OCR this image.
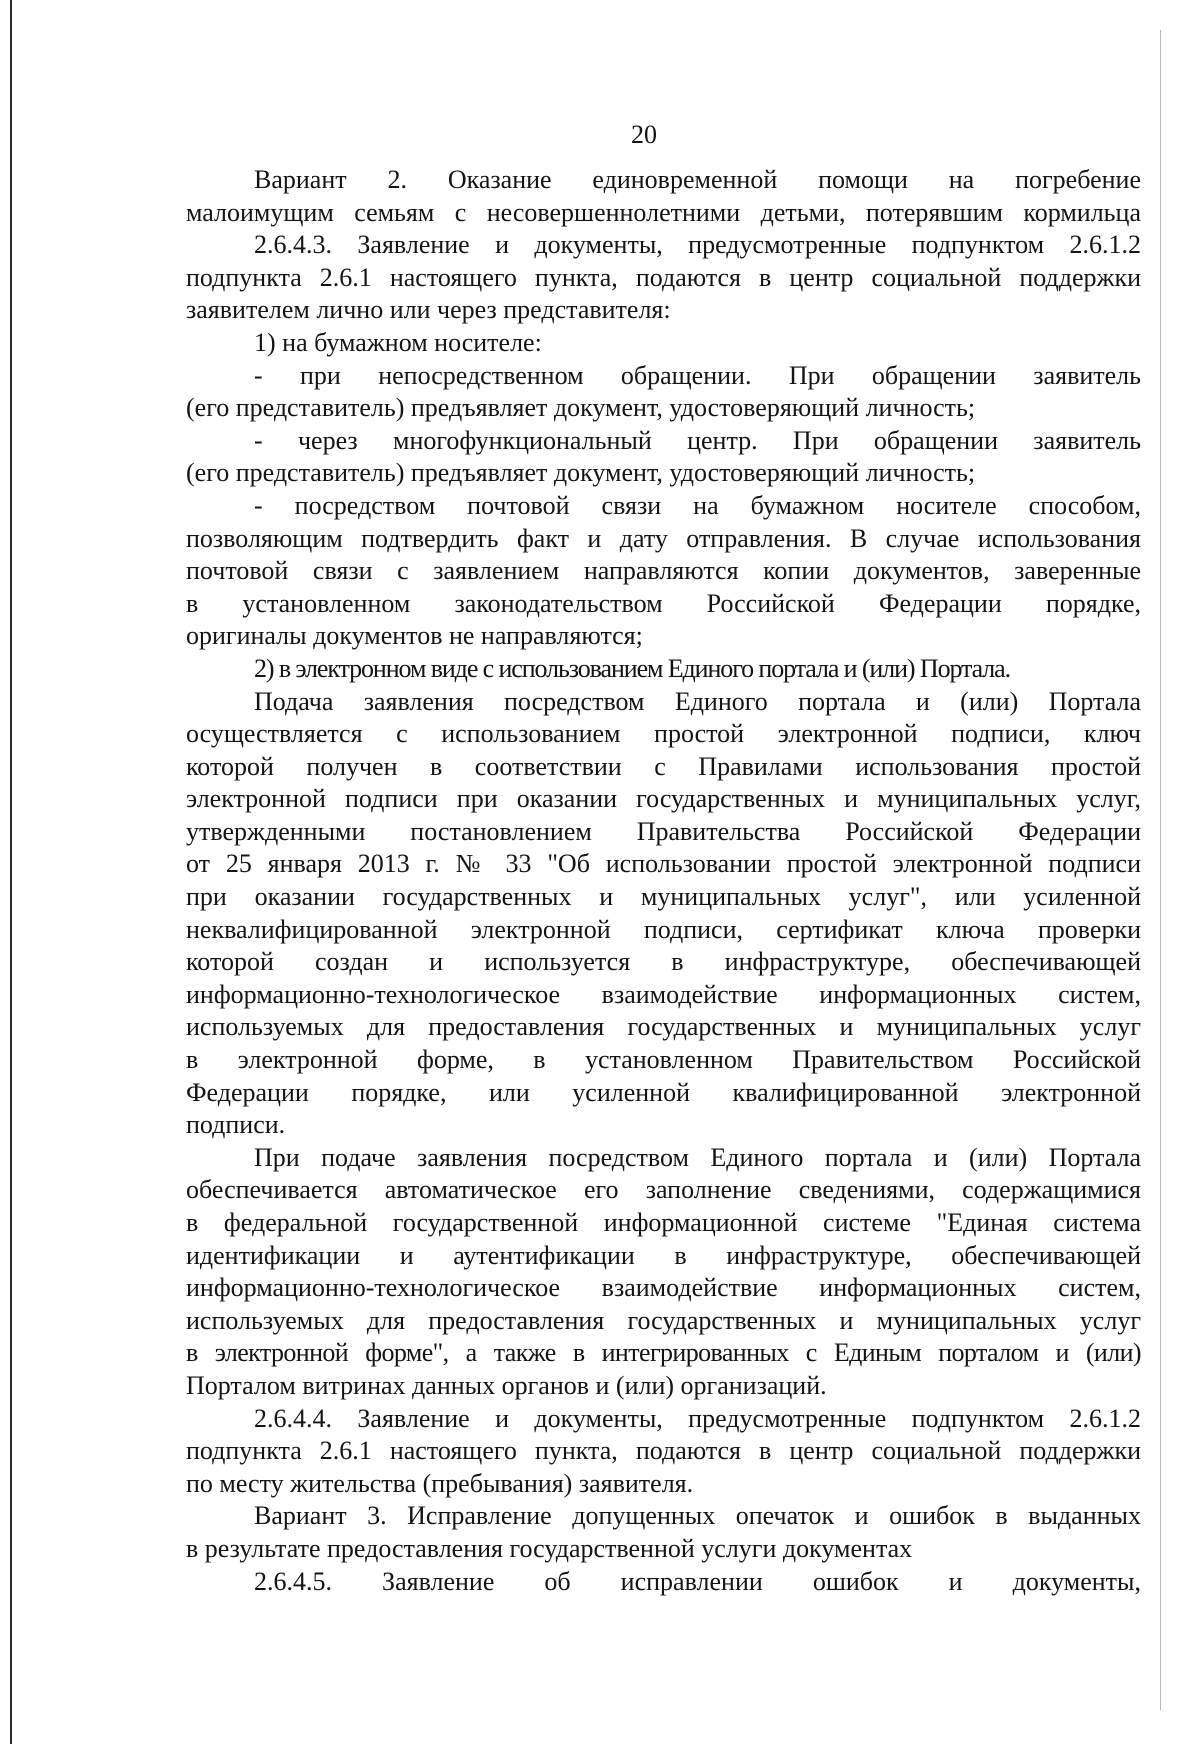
20
Вариант 2. Оказание единовременной помощи на погребение
малоимущим семьям с несовершеннолетними детьми, потерявшим кормильца
2.6.4.3. Заявление и документы, предусмотренные подпунктом 2.6.1.2
подпункта 2.6.1 настоящего пункта, подаются в центр социальной поддержки
заявителем лично или через представителя:
1) на бумажном носителе:
- при непосредственном обращении. При обращении заявитель
(его представитель) предъявляет документ, удостоверяющий личность;
- через многофункциональный центр. При обращении заявитель
(его представитель) предъявляет документ, удостоверяющий личность;
- посредством почтовой связи на бумажном носителе способом,
позволяющим подтвердить факт и дату отправления. В случае использования
почтовой связи с заявлением направляются копии документов, заверенные
в установленном законодательством Российской Федерации порядке,
оригиналы документов не направляются;
2) в электронном виде с использованием Единого портала и (или) Портала.
Подача заявления посредством Единого портала и (или) Портала
осуществляется с использованием простой электронной подписи, ключ
которой получен в соответствии с Правилами использования простой
электронной подписи при оказании государственных и муниципальных услуг,
утвержденными постановлением Правительства Российской Федерации
от 25 января 2013 г. № 33 "Об использовании простой электронной подписи
при оказании государственных и муниципальных услуг", или усиленной
неквалифицированной электронной подписи, сертификат ключа проверки
которой создан и используется в инфраструктуре, обеспечивающей
информационно-технологическое взаимодействие информационных систем,
используемых для предоставления государственных и муниципальных услуг
в электронной форме, в установленном Правительством Российской
Федерации порядке, или усиленной квалифицированной электронной
подписи.
При подаче заявления посредством Единого портала и (или) Портала
обеспечивается автоматическое его заполнение сведениями, содержащимися
в федеральной государственной информационной системе "Единая система
идентификации и аутентификации в инфраструктуре, обеспечивающей
информационно-технологическое взаимодействие информационных систем,
используемых для предоставления государственных и муниципальных услуг
в электронной форме", а также в интегрированных с Единым порталом и (или)
Порталом витринах данных органов и (или) организаций.
2.6.4.4. Заявление и документы, предусмотренные подпунктом 2.6.1.2
подпункта 2.6.1 настоящего пункта, подаются в центр социальной поддержки
по месту жительства (пребывания) заявителя.
Вариант 3. Исправление допущенных опечаток и ошибок в выданных
в результате предоставления государственной услуги документах
2.6.4.5. Заявление об исправлении ошибок и документы,
